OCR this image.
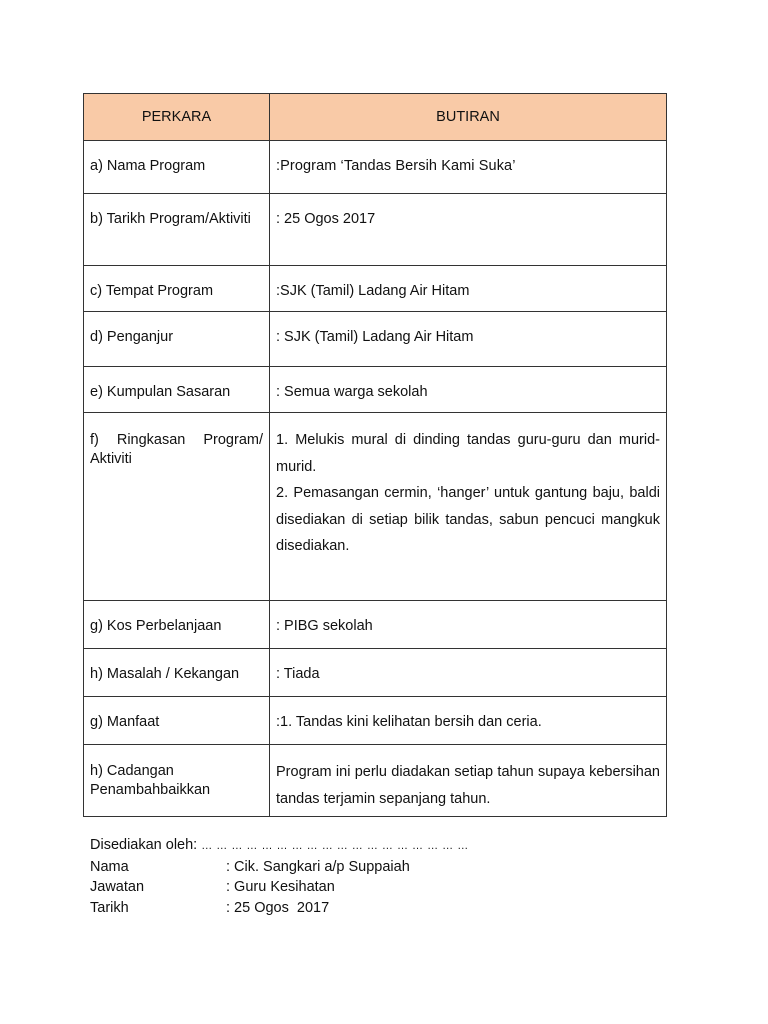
PERKARA	BUTIRAN
a) Nama Program	:Program ‘Tandas Bersih Kami Suka’
b) Tarikh Program/Aktiviti	: 25 Ogos 2017
c) Tempat Program	:SJK (Tamil) Ladang Air Hitam
d) Penganjur	: SJK (Tamil) Ladang Air Hitam
e) Kumpulan Sasaran	: Semua warga sekolah
f) Ringkasan Program/ Aktiviti	1. Melukis mural di dinding tandas guru-guru dan murid-murid.
2. Pemasangan cermin, ‘hanger’ untuk gantung baju, baldi disediakan di setiap bilik tandas, sabun pencuci mangkuk disediakan.

g) Kos Perbelanjaan	: PIBG sekolah
h) Masalah / Kekangan	: Tiada
g) Manfaat	:1. Tandas kini kelihatan bersih dan ceria.
h) Cadangan Penambahbaikkan	Program ini perlu diadakan setiap tahun supaya kebersihan tandas terjamin sepanjang tahun.
Disediakan oleh: … … … … … … … … … … … … … … … … … …
Nama	: Cik. Sangkari a/p Suppaiah
Jawatan	: Guru Kesihatan
Tarikh	: 25 Ogos  2017
